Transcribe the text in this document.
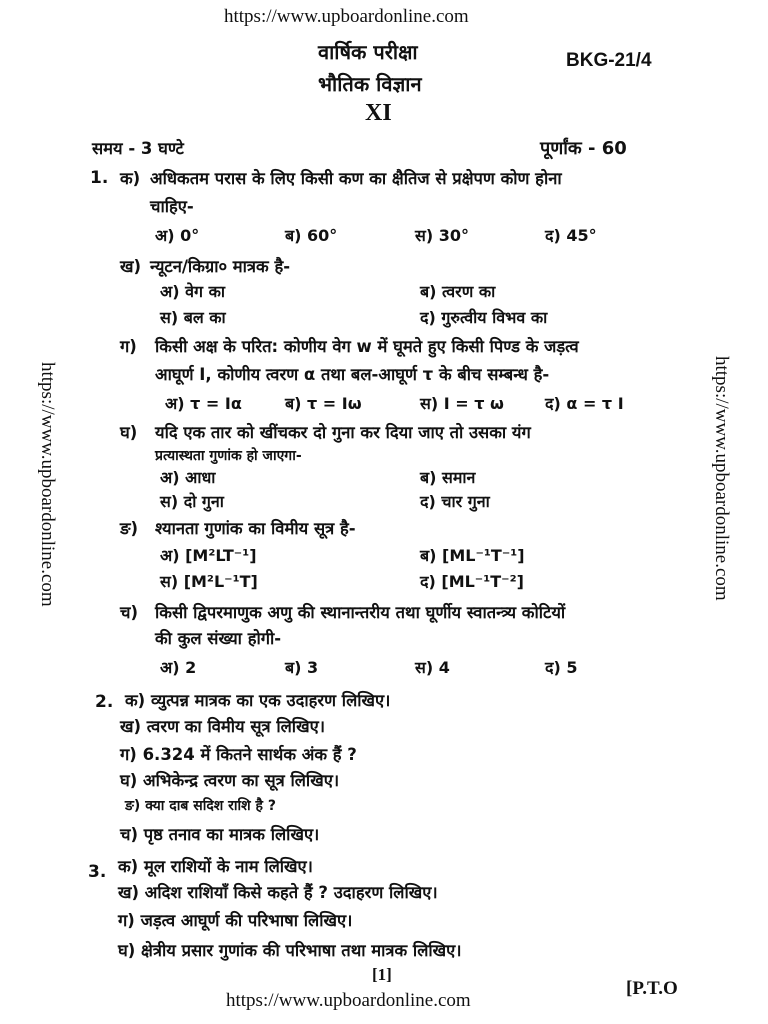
https://www.upboardonline.com
https://www.upboardonline.com
https://www.upboardonline.com	https://www.upboardonline.com
वार्षिक परीक्षा	BKG-21/4
भौतिक विज्ञान
XI
समय - 3 घण्टे	पूर्णांक - 60
1. क) अधिकतम परास के लिए किसी कण का क्षैतिज से प्रक्षेपण कोण होना
चाहिए-
अ) 0°	ब) 60°	स) 30°	द) 45°
ख) न्यूटन/किग्रा० मात्रक है-
अ) वेग का	ब) त्वरण का
स) बल का	द) गुरुत्वीय विभव का
ग) किसी अक्ष के परित: कोणीय वेग w में घूमते हुए किसी पिण्ड के जड़त्व
आघूर्ण I, कोणीय त्वरण α तथा बल-आघूर्ण τ के बीच सम्बन्ध है-
अ) τ = Iα	ब) τ = Iω	स) I = τ ω	द) α = τ I
घ) यदि एक तार को खींचकर दो गुना कर दिया जाए तो उसका यंग
प्रत्यास्थता गुणांक हो जाएगा-
अ) आधा	ब) समान
स) दो गुना	द) चार गुना
ङ) श्यानता गुणांक का विमीय सूत्र है-
अ) [M²LT⁻¹]	ब) [ML⁻¹T⁻¹]
स) [M²L⁻¹T]	द) [ML⁻¹T⁻²]
च) किसी द्विपरमाणुक अणु की स्थानान्तरीय तथा घूर्णीय स्वातन्त्र्य कोटियों
की कुल संख्या होगी-
अ) 2	ब) 3	स) 4	द) 5
2. क) व्युत्पन्न मात्रक का एक उदाहरण लिखिए।
ख) त्वरण का विमीय सूत्र लिखिए।
ग) 6.324 में कितने सार्थक अंक हैं ?
घ) अभिकेन्द्र त्वरण का सूत्र लिखिए।
ङ) क्या दाब सदिश राशि है ?
च) पृष्ठ तनाव का मात्रक लिखिए।
3. क) मूल राशियों के नाम लिखिए।
ख) अदिश राशियाँ किसे कहते हैं ? उदाहरण लिखिए।
ग) जड़त्व आघूर्ण की परिभाषा लिखिए।
घ) क्षेत्रीय प्रसार गुणांक की परिभाषा तथा मात्रक लिखिए।
[1]
[P.T.O
